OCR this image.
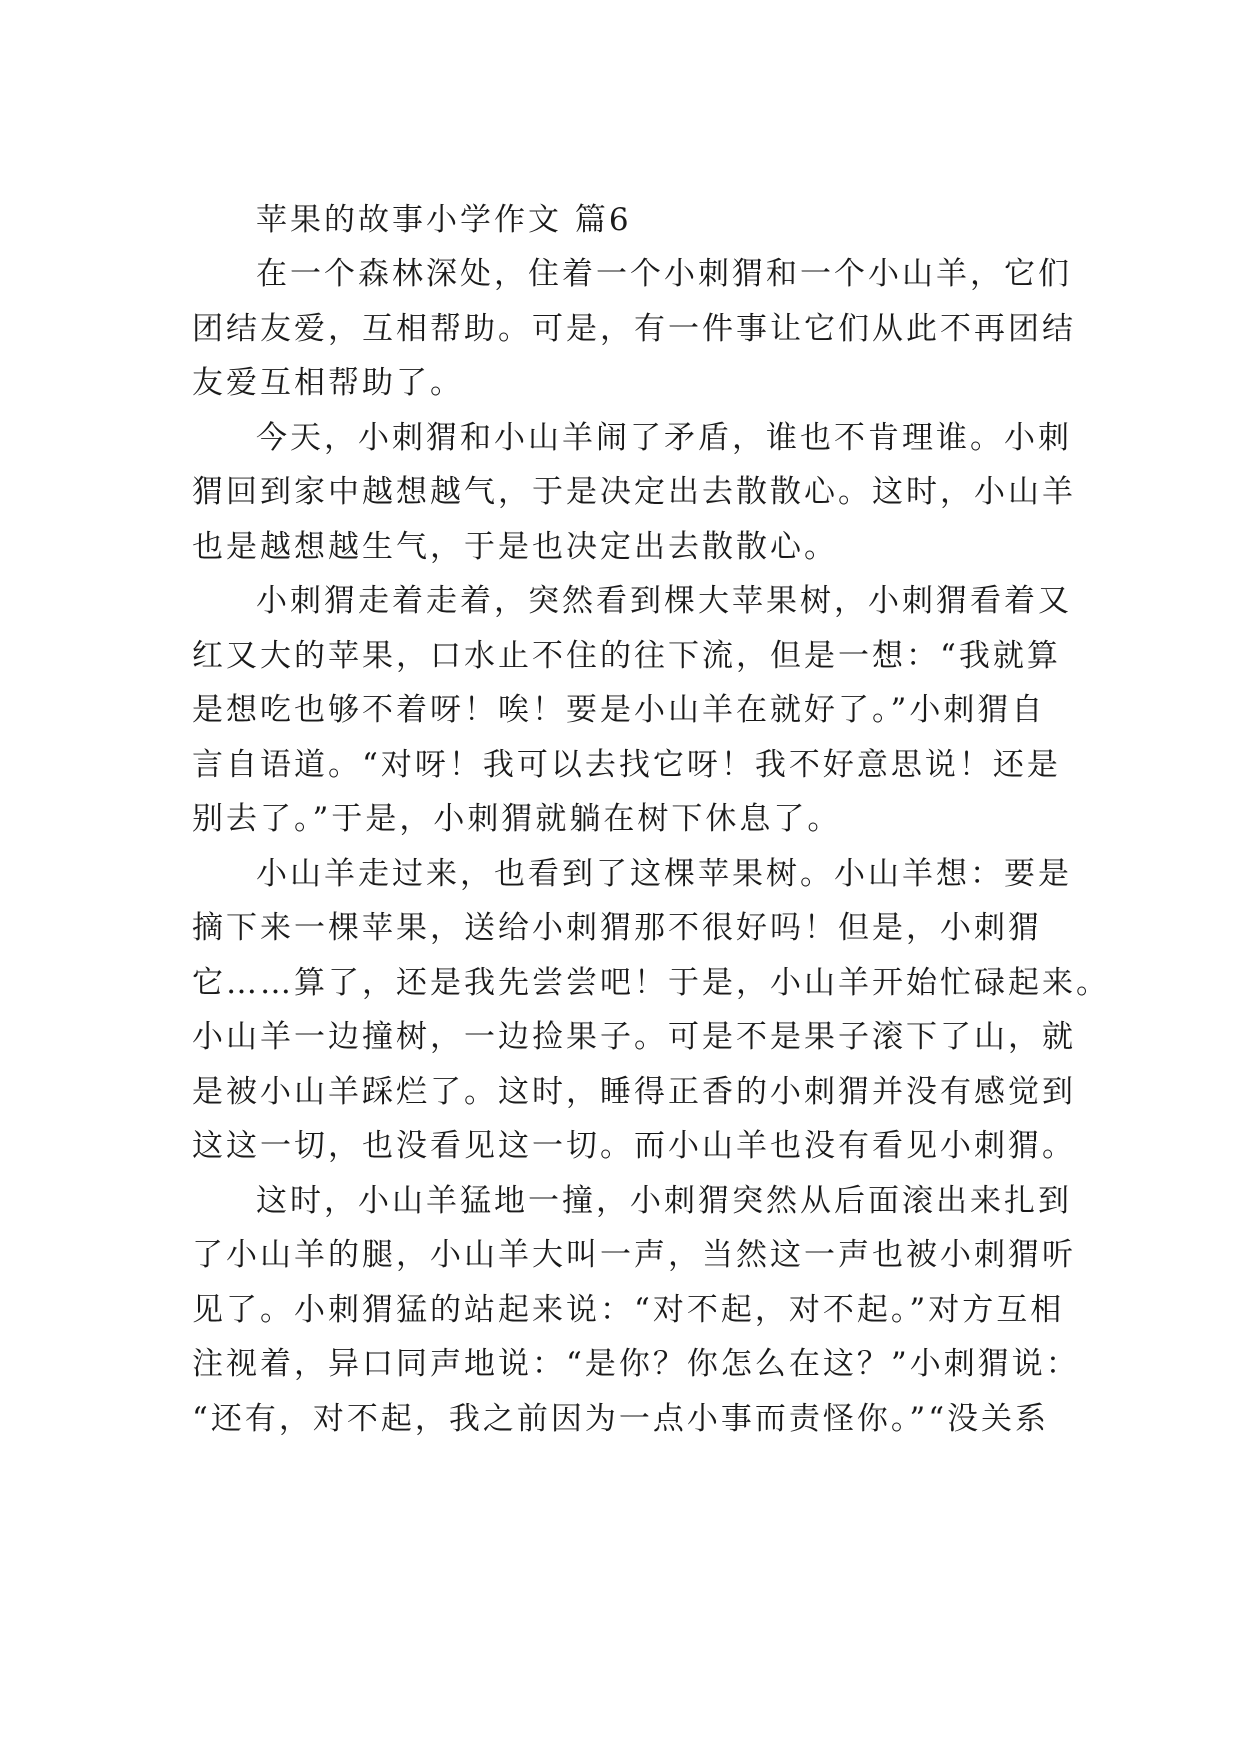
苹果的故事小学作文 篇6
在一个森林深处，住着一个小刺猬和一个小山羊，它们
团结友爱，互相帮助。可是，有一件事让它们从此不再团结
友爱互相帮助了。
今天，小刺猬和小山羊闹了矛盾，谁也不肯理谁。小刺
猬回到家中越想越气，于是决定出去散散心。这时，小山羊
也是越想越生气，于是也决定出去散散心。
小刺猬走着走着，突然看到棵大苹果树，小刺猬看着又
红又大的苹果，口水止不住的往下流，但是一想：“我就算
是想吃也够不着呀！唉！要是小山羊在就好了。”小刺猬自
言自语道。“对呀！我可以去找它呀！我不好意思说！还是
别去了。”于是，小刺猬就躺在树下休息了。
小山羊走过来，也看到了这棵苹果树。小山羊想：要是
摘下来一棵苹果，送给小刺猬那不很好吗！但是，小刺猬
它……算了，还是我先尝尝吧！于是，小山羊开始忙碌起来。
小山羊一边撞树，一边捡果子。可是不是果子滚下了山，就
是被小山羊踩烂了。这时，睡得正香的小刺猬并没有感觉到
这这一切，也没看见这一切。而小山羊也没有看见小刺猬。
这时，小山羊猛地一撞，小刺猬突然从后面滚出来扎到
了小山羊的腿，小山羊大叫一声，当然这一声也被小刺猬听
见了。小刺猬猛的站起来说：“对不起，对不起。”对方互相
注视着，异口同声地说：“是你？你怎么在这？”小刺猬说：
“还有，对不起，我之前因为一点小事而责怪你。”“没关系
